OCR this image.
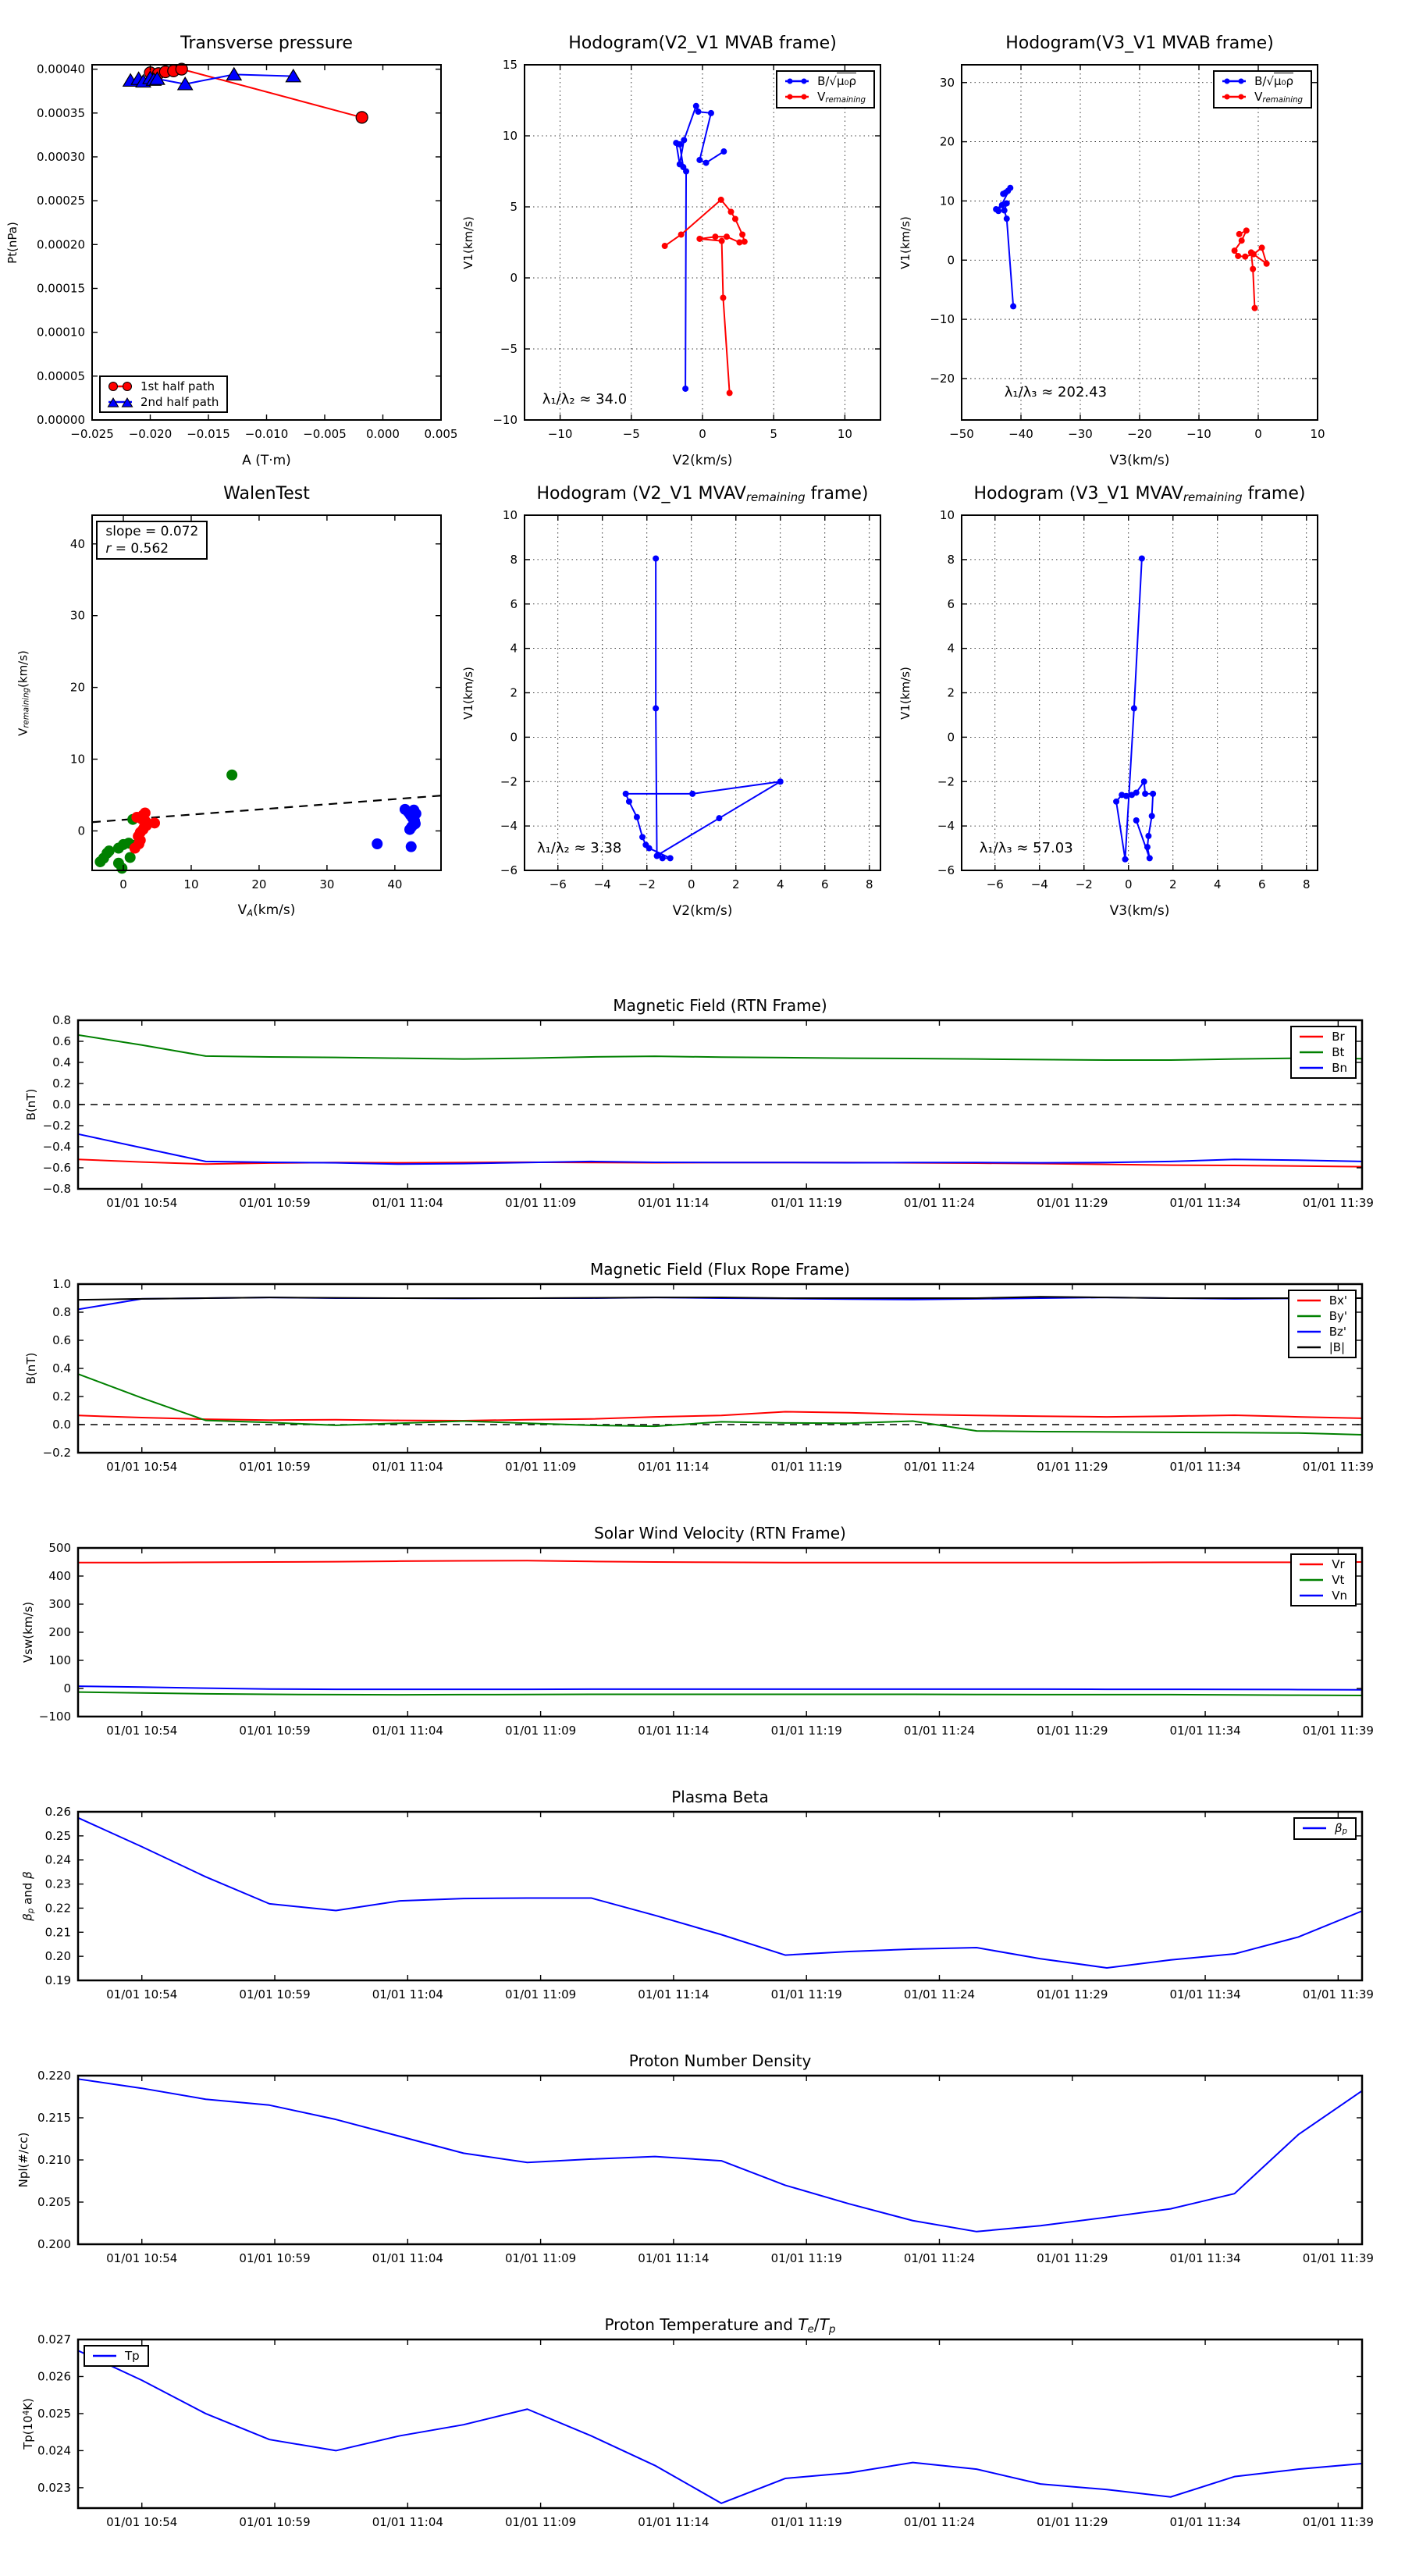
−0.025 −0.020 −0.015 −0.010 −0.005 0.000 0.005
0.00000
0.00005
0.00010
0.00015
0.00020
0.00025
0.00030
0.00035
0.00040
Transverse pressure
A (T·m)
Pt(nPa)
1st half path
2nd half path
−10	−5	0	5	10
−10
−5
0
5
10
15
Hodogram(V2_V1 MVAB frame)
V2(km/s)
V1(km/s)
B/√μ₀ρ
Vremaining
λ₁/λ₂ ≈ 34.0
−50	−40	−30	−20	−10	0	10
−20
−10
0
10
20
30
Hodogram(V3_V1 MVAB frame)
V3(km/s)
V1(km/s)
B/√μ₀ρ
Vremaining
λ₁/λ₃ ≈ 202.43
0	10	20	30	40
0
10
20
30
40
WalenTest
VA(km/s)
Vremaining(km/s)
slope = 0.072
r = 0.562
−6 −4 −2	0	2	4	6	8
−6
−4
−2
0
2
4
6
8
10
Hodogram (V2_V1 MVAVremaining frame)
V2(km/s)
V1(km/s)
λ₁/λ₂ ≈ 3.38
−6 −4 −2	0	2	4	6	8
−6
−4
−2
0
2
4
6
8
10
Hodogram (V3_V1 MVAVremaining frame)
V3(km/s)
V1(km/s)
λ₁/λ₃ ≈ 57.03
01/01 10:54	01/01 10:59	01/01 11:04	01/01 11:09	01/01 11:14	01/01 11:19	01/01 11:24	01/01 11:29	01/01 11:34	01/01 11:39
−0.8
−0.6
−0.4
−0.2
0.0
0.2
0.4
0.6
0.8
Magnetic Field (RTN Frame)
B(nT)
Br
Bt
Bn
01/01 10:54	01/01 10:59	01/01 11:04	01/01 11:09	01/01 11:14	01/01 11:19	01/01 11:24	01/01 11:29	01/01 11:34	01/01 11:39
−0.2
0.0
0.2
0.4
0.6
0.8
1.0
Magnetic Field (Flux Rope Frame)
B(nT)
Bx'
By'
Bz'
|B|
01/01 10:54	01/01 10:59	01/01 11:04	01/01 11:09	01/01 11:14	01/01 11:19	01/01 11:24	01/01 11:29	01/01 11:34	01/01 11:39
−100
0
100
200
300
400
500
Solar Wind Velocity (RTN Frame)
Vsw(km/s)
Vr
Vt
Vn
01/01 10:54	01/01 10:59	01/01 11:04	01/01 11:09	01/01 11:14	01/01 11:19	01/01 11:24	01/01 11:29	01/01 11:34	01/01 11:39
0.19
0.20
0.21
0.22
0.23
0.24
0.25
0.26
Plasma Beta
βp and β
βp
01/01 10:54	01/01 10:59	01/01 11:04	01/01 11:09	01/01 11:14	01/01 11:19	01/01 11:24	01/01 11:29	01/01 11:34	01/01 11:39
0.200
0.205
0.210
0.215
0.220
Proton Number Density
Npl(#/cc)
01/01 10:54	01/01 10:59	01/01 11:04	01/01 11:09	01/01 11:14	01/01 11:19	01/01 11:24	01/01 11:29	01/01 11:34	01/01 11:39
0.023
0.024
0.025
0.026
0.027
Proton Temperature and Te/Tp
$Tp(10^4K)$
Tp
